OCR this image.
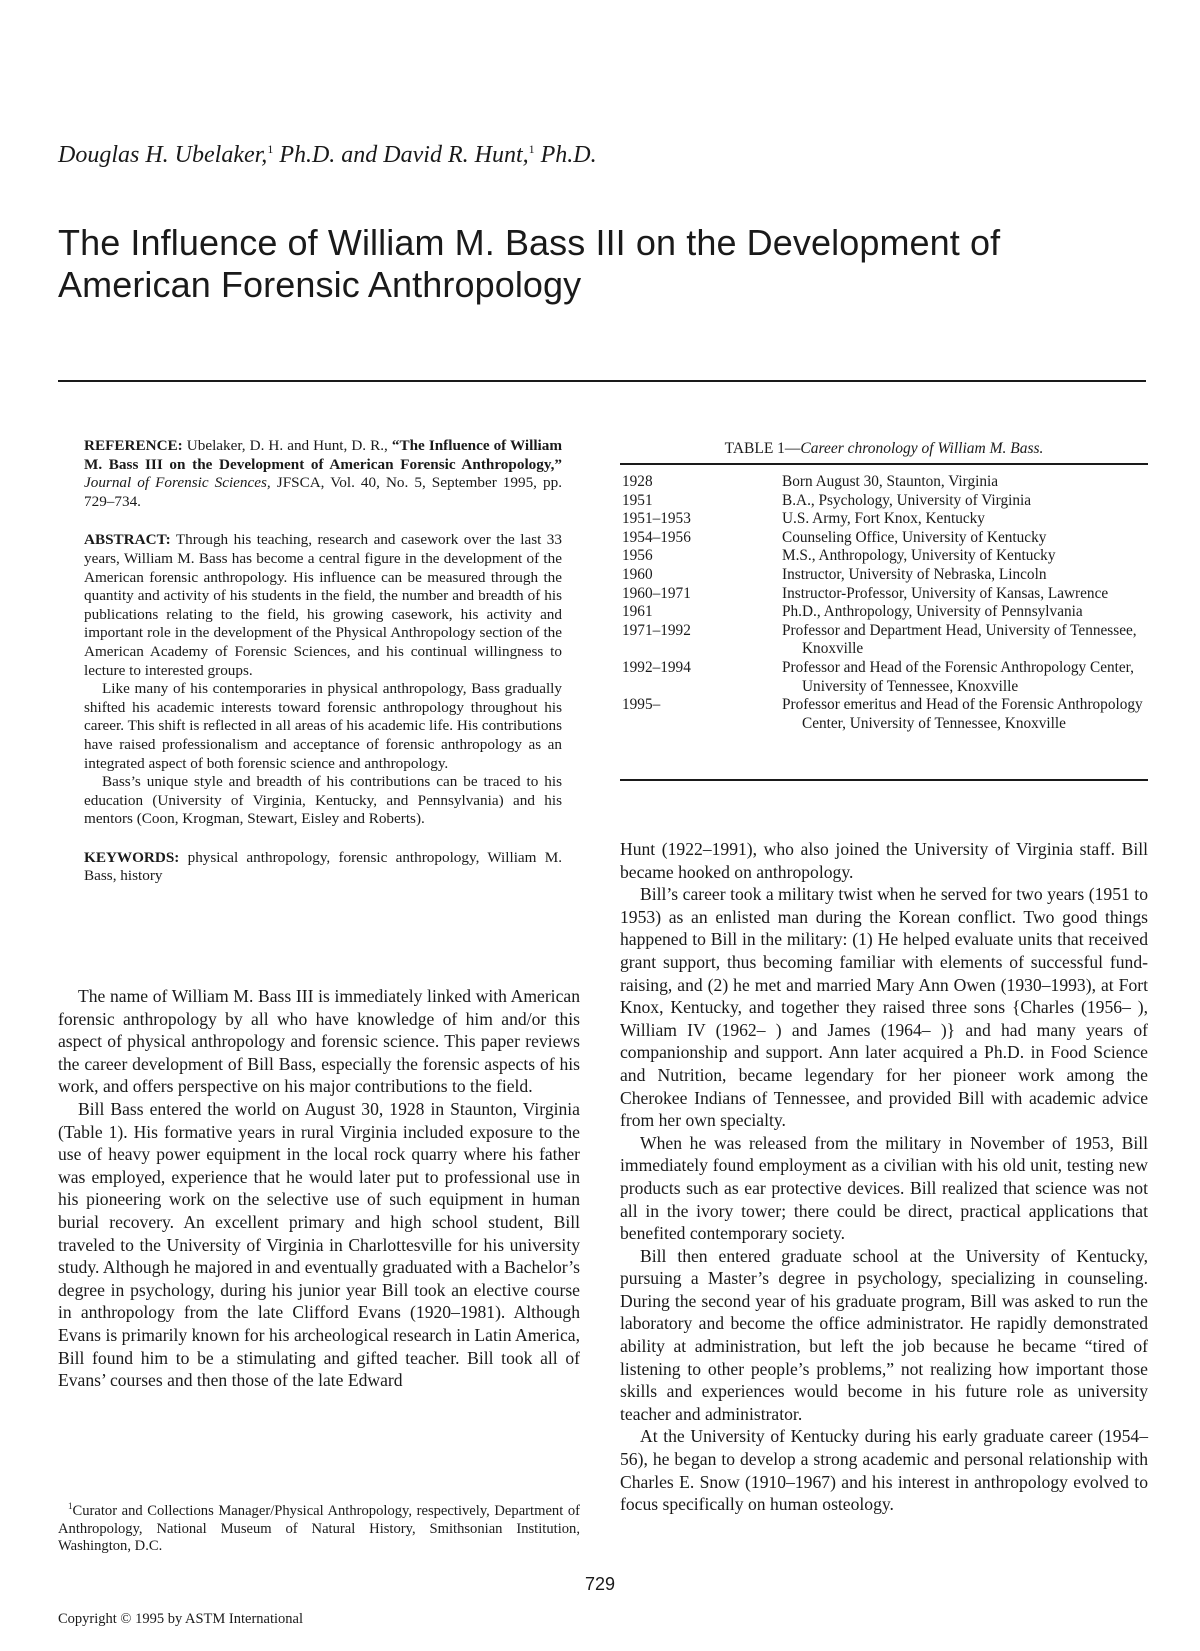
Douglas H. Ubelaker,$^1$ Ph.D. and David R. Hunt,$^1$ Ph.D.
The Influence of William M. Bass III on the Development of American Forensic Anthropology

REFERENCE: Ubelaker, D. H. and Hunt, D. R., “The Influence of William M. Bass III on the Development of American Forensic Anthropology,” Journal of Forensic Sciences, JFSCA, Vol. 40, No. 5, September 1995, pp. 729–734.

ABSTRACT: Through his teaching, research and casework over the last 33 years, William M. Bass has become a central figure in the development of the American forensic anthropology. His influence can be measured through the quantity and activity of his students in the field, the number and breadth of his publications relating to the field, his growing casework, his activity and important role in the development of the Physical Anthropology section of the American Academy of Forensic Sciences, and his continual willingness to lecture to interested groups.

Like many of his contemporaries in physical anthropology, Bass gradually shifted his academic interests toward forensic anthropology throughout his career. This shift is reflected in all areas of his academic life. His contributions have raised professionalism and acceptance of forensic anthropology as an integrated aspect of both forensic science and anthropology.

Bass’s unique style and breadth of his contributions can be traced to his education (University of Virginia, Kentucky, and Pennsylvania) and his mentors (Coon, Krogman, Stewart, Eisley and Roberts).

KEYWORDS: physical anthropology, forensic anthropology, William M. Bass, history

TABLE 1—Career chronology of William M. Bass.
1928	Born August 30, Staunton, Virginia
1951	B.A., Psychology, University of Virginia
1951–1953	U.S. Army, Fort Knox, Kentucky
1954–1956	Counseling Office, University of Kentucky
1956	M.S., Anthropology, University of Kentucky
1960	Instructor, University of Nebraska, Lincoln
1960–1971	Instructor-Professor, University of Kansas, Lawrence
1961	Ph.D., Anthropology, University of Pennsylvania
1971–1992	Professor and Department Head, University of Tennessee, Knoxville
1992–1994	Professor and Head of the Forensic Anthropology Center, University of Tennessee, Knoxville
1995–	Professor emeritus and Head of the Forensic Anthropology Center, University of Tennessee, Knoxville

Hunt (1922–1991), who also joined the University of Virginia staff. Bill became hooked on anthropology.

Bill’s career took a military twist when he served for two years (1951 to 1953) as an enlisted man during the Korean conflict. Two good things happened to Bill in the military: (1) He helped evaluate units that received grant support, thus becoming familiar with elements of successful fund-raising, and (2) he met and married Mary Ann Owen (1930–1993), at Fort Knox, Kentucky, and together they raised three sons {Charles (1956– ), William IV (1962– ) and James (1964– )} and had many years of companionship and support. Ann later acquired a Ph.D. in Food Science and Nutrition, became legendary for her pioneer work among the Cherokee Indians of Tennessee, and provided Bill with academic advice from her own specialty.

When he was released from the military in November of 1953, Bill immediately found employment as a civilian with his old unit, testing new products such as ear protective devices. Bill realized that science was not all in the ivory tower; there could be direct, practical applications that benefited contemporary society.

Bill then entered graduate school at the University of Kentucky, pursuing a Master’s degree in psychology, specializing in counseling. During the second year of his graduate program, Bill was asked to run the laboratory and become the office administrator. He rapidly demonstrated ability at administration, but left the job because he became “tired of listening to other people’s problems,” not realizing how important those skills and experiences would become in his future role as university teacher and administrator.

At the University of Kentucky during his early graduate career (1954–56), he began to develop a strong academic and personal relationship with Charles E. Snow (1910–1967) and his interest in anthropology evolved to focus specifically on human osteology.

The name of William M. Bass III is immediately linked with American forensic anthropology by all who have knowledge of him and/or this aspect of physical anthropology and forensic science. This paper reviews the career development of Bill Bass, especially the forensic aspects of his work, and offers perspective on his major contributions to the field.

Bill Bass entered the world on August 30, 1928 in Staunton, Virginia (Table 1). His formative years in rural Virginia included exposure to the use of heavy power equipment in the local rock quarry where his father was employed, experience that he would later put to professional use in his pioneering work on the selective use of such equipment in human burial recovery. An excellent primary and high school student, Bill traveled to the University of Virginia in Charlottesville for his university study. Although he majored in and eventually graduated with a Bachelor’s degree in psychology, during his junior year Bill took an elective course in anthropology from the late Clifford Evans (1920–1981). Although Evans is primarily known for his archeological research in Latin America, Bill found him to be a stimulating and gifted teacher. Bill took all of Evans’ courses and then those of the late Edward

$^1$Curator and Collections Manager/Physical Anthropology, respectively, Department of Anthropology, National Museum of Natural History, Smithsonian Institution, Washington, D.C.

729
Copyright © 1995 by ASTM International
